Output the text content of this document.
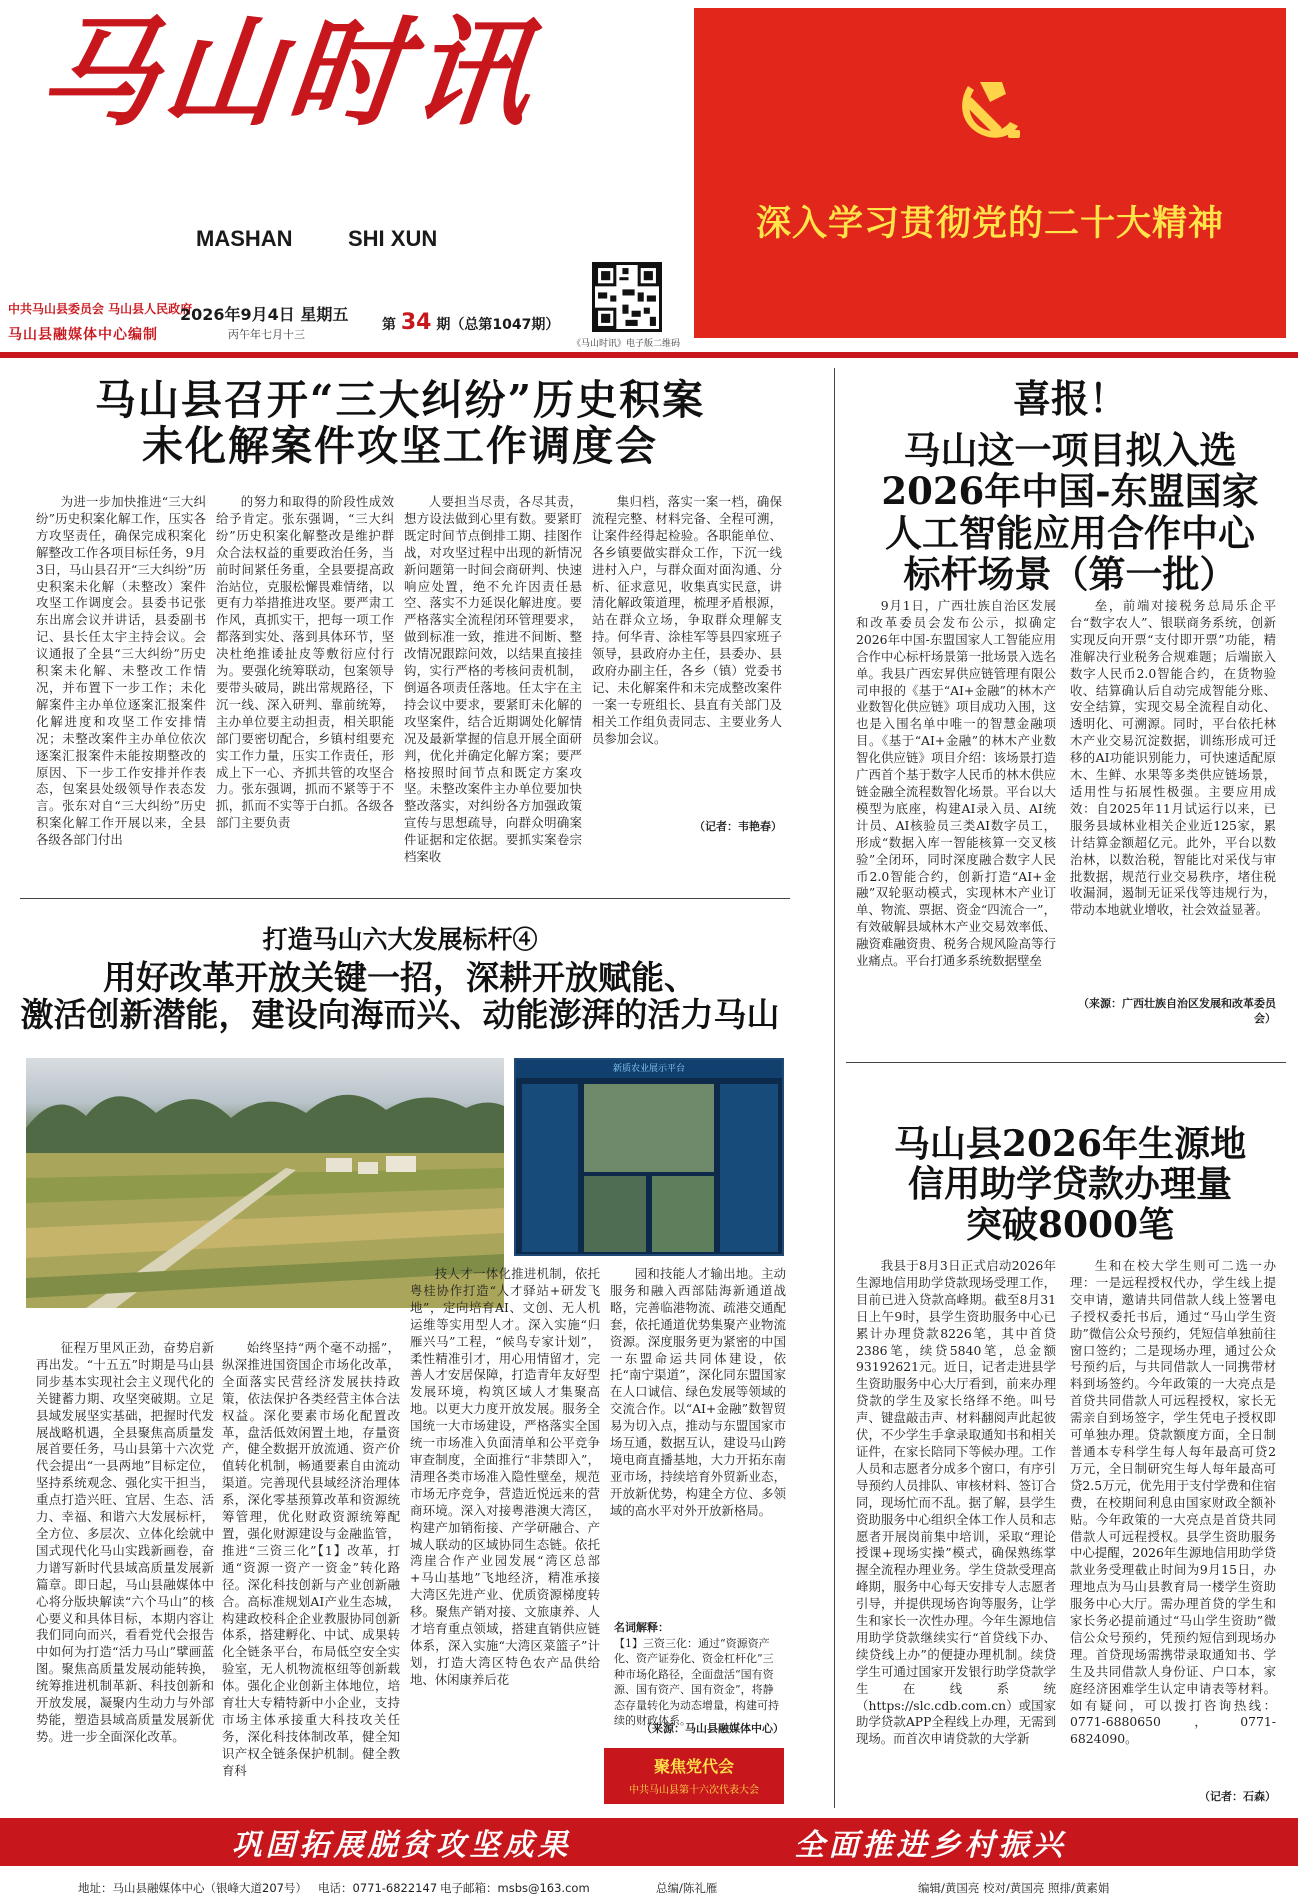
马山时讯
MASHAN	SHI XUN	深入学习贯彻党的二十大精神
中共马山县委员会 马山县人民政府
马山县融媒体中心编制
2026年9月4日 星期五
丙午年七月十三
第 34 期（总第1047期）
《马山时讯》电子版二维码
马山县召开“三大纠纷”历史积案
未化解案件攻坚工作调度会

为进一步加快推进“三大纠纷”历史积案化解工作，压实各方攻坚责任，确保完成积案化解整改工作各项目标任务，9月3日，马山县召开“三大纠纷”历史积案未化解（未整改）案件攻坚工作调度会。县委书记张东出席会议并讲话，县委副书记、县长任太宇主持会议。会议通报了全县“三大纠纷”历史积案未化解、未整改工作情况，并布置下一步工作；未化解案件主办单位逐案汇报案件化解进度和攻坚工作安排情况；未整改案件主办单位依次逐案汇报案件未能按期整改的原因、下一步工作安排并作表态，包案县处级领导作表态发言。张东对自“三大纠纷”历史积案化解工作开展以来，全县各级各部门付出

的努力和取得的阶段性成效给予肯定。张东强调，“三大纠纷”历史积案化解整改是维护群众合法权益的重要政治任务，当前时间紧任务重，全县要提高政治站位，克服松懈畏难情绪，以更有力举措推进攻坚。要严肃工作风，真抓实干，把每一项工作都落到实处、落到具体环节，坚决杜绝推诿扯皮等敷衍应付行为。要强化统筹联动，包案领导要带头破局，跳出常规路径，下沉一线、深入研判、靠前统筹，主办单位要主动担责，相关职能部门要密切配合，乡镇村组要充实工作力量，压实工作责任，形成上下一心、齐抓共管的攻坚合力。张东强调，抓而不紧等于不抓，抓而不实等于白抓。各级各部门主要负责

人要担当尽责，各尽其责，想方设法做到心里有数。要紧盯既定时间节点倒排工期、挂图作战，对攻坚过程中出现的新情况新问题第一时间会商研判、快速响应处置，绝不允许因责任悬空、落实不力延误化解进度。要严格落实全流程闭环管理要求，做到标准一致，推进不间断、整改情况跟踪问效，以结果直接挂钩，实行严格的考核问责机制，倒逼各项责任落地。任太宇在主持会议中要求，要紧盯未化解的攻坚案件，结合近期调处化解情况及最新掌握的信息开展全面研判，优化并确定化解方案；要严格按照时间节点和既定方案攻坚。未整改案件主办单位要加快整改落实，对纠纷各方加强政策宣传与思想疏导，向群众明确案件证据和定依据。要抓实案卷宗档案收

集归档，落实一案一档，确保流程完整、材料完备、全程可溯，让案件经得起检验。各职能单位、各乡镇要做实群众工作，下沉一线进村入户，与群众面对面沟通、分析、征求意见，收集真实民意，讲清化解政策道理，梳理矛盾根源，站在群众立场，争取群众理解支持。何华青、涂桂军等县四家班子领导，县政府办主任，县委办、县政府办副主任，各乡（镇）党委书记、未化解案件和未完成整改案件一案一专班组长、县直有关部门及相关工作组负责同志、主要业务人员参加会议。

（记者：韦艳春）
喜报！
马山这一项目拟入选
2026年中国-东盟国家
人工智能应用合作中心
标杆场景（第一批）

9月1日，广西壮族自治区发展和改革委员会发布公示，拟确定2026年中国-东盟国家人工智能应用合作中心标杆场景第一批场景入选名单。我县广西宏昇供应链管理有限公司申报的《基于“AI+金融”的林木产业数智化供应链》项目成功入围，这也是入围名单中唯一的智慧金融项目。《基于“AI+金融”的林木产业数智化供应链》项目介绍：该场景打造广西首个基于数字人民币的林木供应链金融全流程数智化场景。平台以大模型为底座，构建AI录入员、AI统计员、AI核验员三类AI数字员工，形成“数据入库一智能核算一交叉核验”全闭环，同时深度融合数字人民币2.0智能合约，创新打造“AI+金融”双轮驱动模式，实现林木产业订单、物流、票据、资金“四流合一”，有效破解县域林木产业交易效率低、融资难融资贵、税务合规风险高等行业痛点。平台打通多系统数据壁垒

垒，前端对接税务总局乐企平台“数字农人”、银联商务系统，创新实现反向开票“支付即开票”功能，精准解决行业税务合规难题；后端嵌入数字人民币2.0智能合约，在货物验收、结算确认后自动完成智能分账、安全结算，实现交易全流程自动化、透明化、可溯源。同时，平台依托林木产业交易沉淀数据，训练形成可迁移的AI功能识别能力，可快速适配原木、生鲜、水果等多类供应链场景，适用性与拓展性极强。主要应用成效：自2025年11月试运行以来，已服务县域林业相关企业近125家，累计结算金额超亿元。此外，平台以数治林，以数治税，智能比对采伐与审批数据，规范行业交易秩序，堵住税收漏洞，遏制无证采伐等违规行为，带动本地就业增收，社会效益显著。

（来源：广西壮族自治区发展和改革委员会）
打造马山六大发展标杆④
用好改革开放关键一招，深耕开放赋能、
激活创新潜能，建设向海而兴、动能澎湃的活力马山
新质农业展示平台

征程万里风正劲，奋势启新再出发。“十五五”时期是马山县同步基本实现社会主义现代化的关键蓄力期、攻坚突破期。立足县域发展坚实基础，把握时代发展战略机遇，全县聚焦高质量发展首要任务，马山县第十六次党代会提出“一县两地”目标定位，坚持系统观念、强化实干担当，重点打造兴旺、宜居、生态、活力、幸福、和谐六大发展标杆，全方位、多层次、立体化绘就中国式现代化马山实践新画卷，奋力谱写新时代县域高质量发展新篇章。即日起，马山县融媒体中心将分版块解读“六个马山”的核心要义和具体目标，本期内容让我们同向而兴，看看党代会报告中如何为打造“活力马山”擘画蓝图。聚焦高质量发展动能转换，统筹推进机制革新、科技创新和开放发展，凝聚内生动力与外部势能，塑造县域高质量发展新优势。进一步全面深化改革。

始终坚持“两个毫不动摇”，纵深推进国资国企市场化改革，全面落实民营经济发展扶持政策，依法保护各类经营主体合法权益。深化要素市场化配置改革，盘活低效闲置土地，存量资产，健全数据开放流通、资产价值转化机制，畅通要素自由流动渠道。完善现代县域经济治理体系，深化零基预算改革和资源统筹管理，优化财政资源统筹配置，强化财源建设与金融监管，推进“三资三化”【1】改革，打通“资源一资产一资金”转化路径。深化科技创新与产业创新融合。高标准规划AI产业生态城，构建政校科企企业教服协同创新体系，搭建孵化、中试、成果转化全链条平台，布局低空安全实验室，无人机物流枢纽等创新载体。强化企业创新主体地位，培育壮大专精特新中小企业，支持市场主体承接重大科技攻关任务，深化科技体制改革，健全知识产权全链条保护机制。健全教育科

技人才一体化推进机制，依托粤桂协作打造“人才驿站+研发飞地”，定向培育AI、文创、无人机运维等实用型人才。深入实施“归雁兴马”工程，“候鸟专家计划”，柔性精准引才，用心用情留才，完善人才安居保障，打造青年友好型发展环境，构筑区域人才集聚高地。以更大力度开放发展。服务全国统一大市场建设，严格落实全国统一市场准入负面清单和公平竞争审查制度，全面推行“非禁即入”，清理各类市场准入隐性壁垒，规范市场无序竞争，营造近悦远来的营商环境。深入对接粤港澳大湾区，构建产加销衔接、产学研融合、产城人联动的区域协同生态链。依托湾崖合作产业园发展“湾区总部+马山基地”飞地经济，精准承接大湾区先进产业、优质资源梯度转移。聚焦产销对接、文旅康养、人才培育重点领域，搭建直销供应链体系，深入实施“大湾区菜篮子”计划，打造大湾区特色农产品供给地、休闲康养后花

园和技能人才输出地。主动服务和融入西部陆海新通道战略，完善临港物流、疏港交通配套，依托通道优势集聚产业物流资源。深度服务更为紧密的中国一东盟命运共同体建设，依托“南宁渠道”，深化同东盟国家在人口诚信、绿色发展等领域的交流合作。以“AI+金融”数智贸易为切入点，推动与东盟国家市场互通，数据互认，建设马山跨境电商直播基地，大力开拓东南亚市场，持续培育外贸新业态，开放新优势，构建全方位、多领域的高水平对外开放新格局。

名词解释：
【1】三资三化：通过“资源资产化、资产证券化、资金杠杆化”三种市场化路径，全面盘活“国有资源、国有资产、国有资金”，将静态存量转化为动态增量，构建可持续的财政体系。
（来源：马山县融媒体中心）
聚焦党代会
中共马山县第十六次代表大会
马山县2026年生源地
信用助学贷款办理量
突破8000笔

我县于8月3日正式启动2026年生源地信用助学贷款现场受理工作，目前已进入贷款高峰期。截至8月31日上午9时，县学生资助服务中心已累计办理贷款8226笔，其中首贷2386笔，续贷5840笔，总金额93192621元。近日，记者走进县学生资助服务中心大厅看到，前来办理贷款的学生及家长络绎不绝。叫号声、键盘敲击声、材料翻阅声此起彼伏，不少学生手拿录取通知书和相关证件，在家长陪同下等候办理。工作人员和志愿者分成多个窗口，有序引导预约人员排队、审核材料、签订合同，现场忙而不乱。据了解，县学生资助服务中心组织全体工作人员和志愿者开展岗前集中培训，采取“理论授课+现场实操”模式，确保熟练掌握全流程办理业务。学生贷款受理高峰期，服务中心每天安排专人志愿者引导，并提供现场咨询等服务，让学生和家长一次性办理。今年生源地信用助学贷款继续实行“首贷线下办、续贷线上办”的便捷办理机制。续贷学生可通过国家开发银行助学贷款学生在线系统（https://slc.cdb.com.cn）或国家助学贷款APP全程线上办理，无需到现场。而首次申请贷款的大学新

生和在校大学生则可二选一办理：一是远程授权代办，学生线上提交申请，邀请共同借款人线上签署电子授权委托书后，通过“马山学生资助”微信公众号预约，凭短信单独前往窗口签约；二是现场办理，通过公众号预约后，与共同借款人一同携带材料到场签约。今年政策的一大亮点是首贷共同借款人可远程授权，家长无需亲自到场签字，学生凭电子授权即可单独办理。贷款额度方面，全日制普通本专科学生每人每年最高可贷2万元，全日制研究生每人每年最高可贷2.5万元，优先用于支付学费和住宿费，在校期间利息由国家财政全额补贴。今年政策的一大亮点是首贷共同借款人可远程授权。县学生资助服务中心提醒，2026年生源地信用助学贷款业务受理截止时间为9月15日，办理地点为马山县教育局一楼学生资助服务中心大厅。需办理首贷的学生和家长务必提前通过“马山学生资助”微信公众号预约，凭预约短信到现场办理。首贷现场需携带录取通知书、学生及共同借款人身份证、户口本，家庭经济困难学生认定申请表等材料。如有疑问，可以拨打咨询热线：0771-6880650，0771-6824090。

（记者：石森）
巩固拓展脱贫攻坚成果	全面推进乡村振兴
地址：马山县融媒体中心（银峰大道207号） 电话：0771-6822147 电子邮箱：msbs@163.com	总编/陈礼雁	编辑/黄国亮 校对/黄国亮 照排/黄素娟
